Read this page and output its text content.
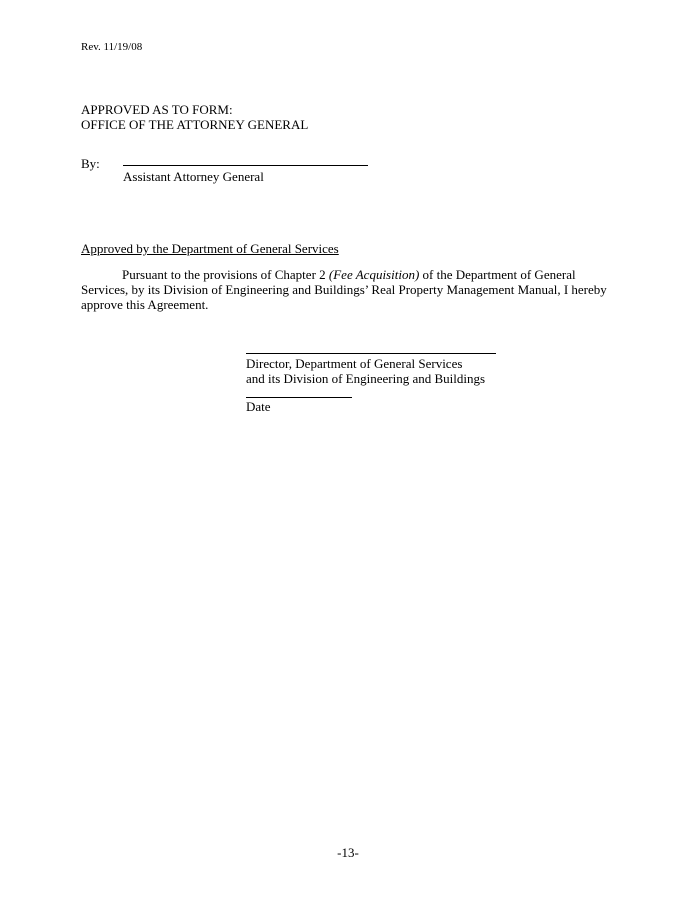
Rev. 11/19/08
APPROVED AS TO FORM:
OFFICE OF THE ATTORNEY GENERAL
By:
Assistant Attorney General
Approved by the Department of General Services
Pursuant to the provisions of Chapter 2 (Fee Acquisition) of the Department of General Services, by its Division of Engineering and Buildings’ Real Property Management Manual, I hereby approve this Agreement.
Director, Department of General Services
and its Division of Engineering and Buildings
Date
-13-
